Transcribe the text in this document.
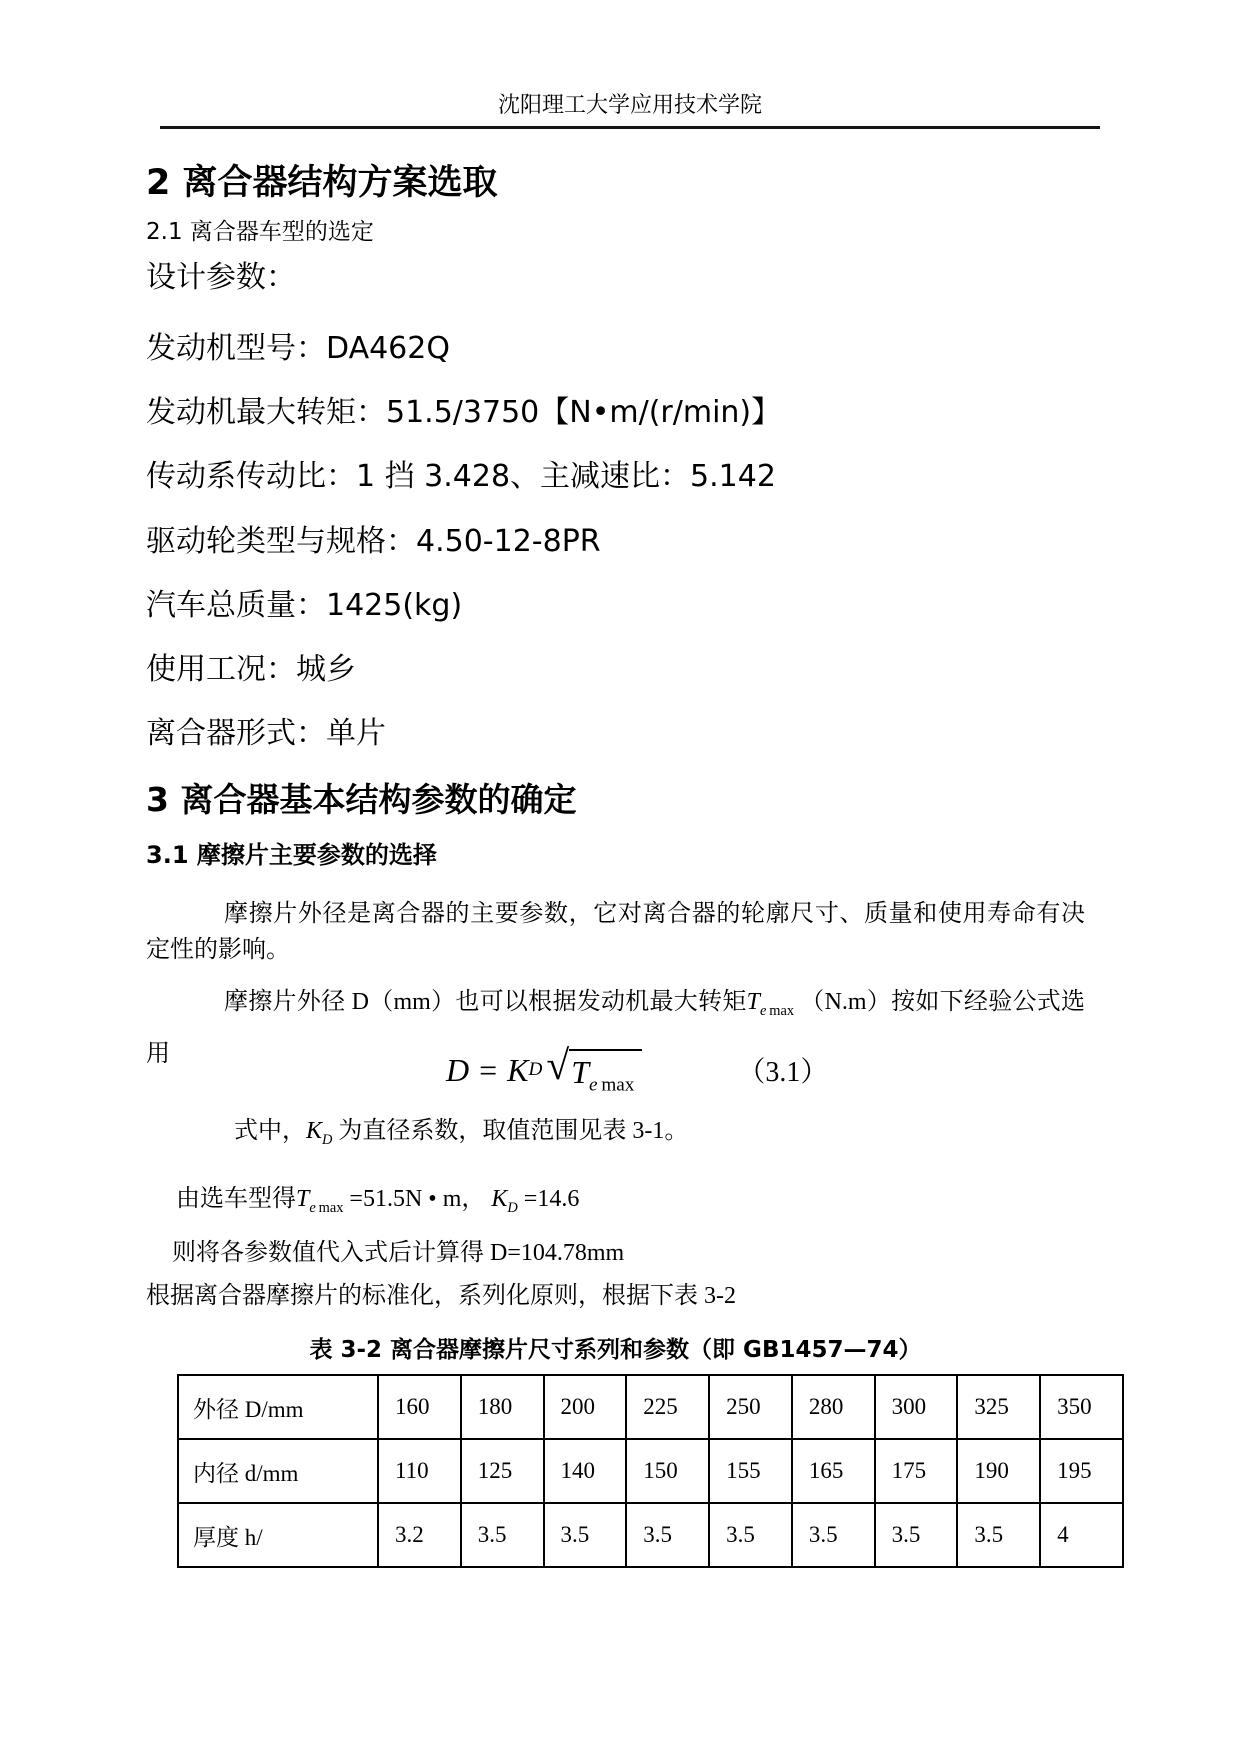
沈阳理工大学应用技术学院
2 离合器结构方案选取
2.1 离合器车型的选定
设计参数：
发动机型号：DA462Q
发动机最大转矩：51.5/3750【N•m/(r/min)】
传动系传动比：1 挡 3.428、主减速比：5.142
驱动轮类型与规格：4.50-12-8PR
汽车总质量：1425(kg)
使用工况：城乡
离合器形式：单片
3 离合器基本结构参数的确定
3.1 摩擦片主要参数的选择

摩擦片外径是离合器的主要参数，它对离合器的轮廓尺寸、质量和使用寿命有决定性的影响。

摩擦片外径 D（mm）也可以根据发动机最大转矩$T_{e max}$ （N.m）按如下经验公式选用	D = K D √ $T_{e max}$	（3.1）
式中，$K_D$ 为直径系数，取值范围见表 3-1。
由选车型得$T_{e max} =51.5N$ • m， $K_D =14.6$
则将各参数值代入式后计算得 D=104.78mm
根据离合器摩擦片的标准化，系列化原则，根据下表 3-2
表 3-2 离合器摩擦片尺寸系列和参数（即 GB1457—74）
外径 D/mm	160	180	200	225	250	280	300	325	350
内径 d/mm	110	125	140	150	155	165	175	190	195
厚度 h/	3.2	3.5	3.5	3.5	3.5	3.5	3.5	3.5	4
